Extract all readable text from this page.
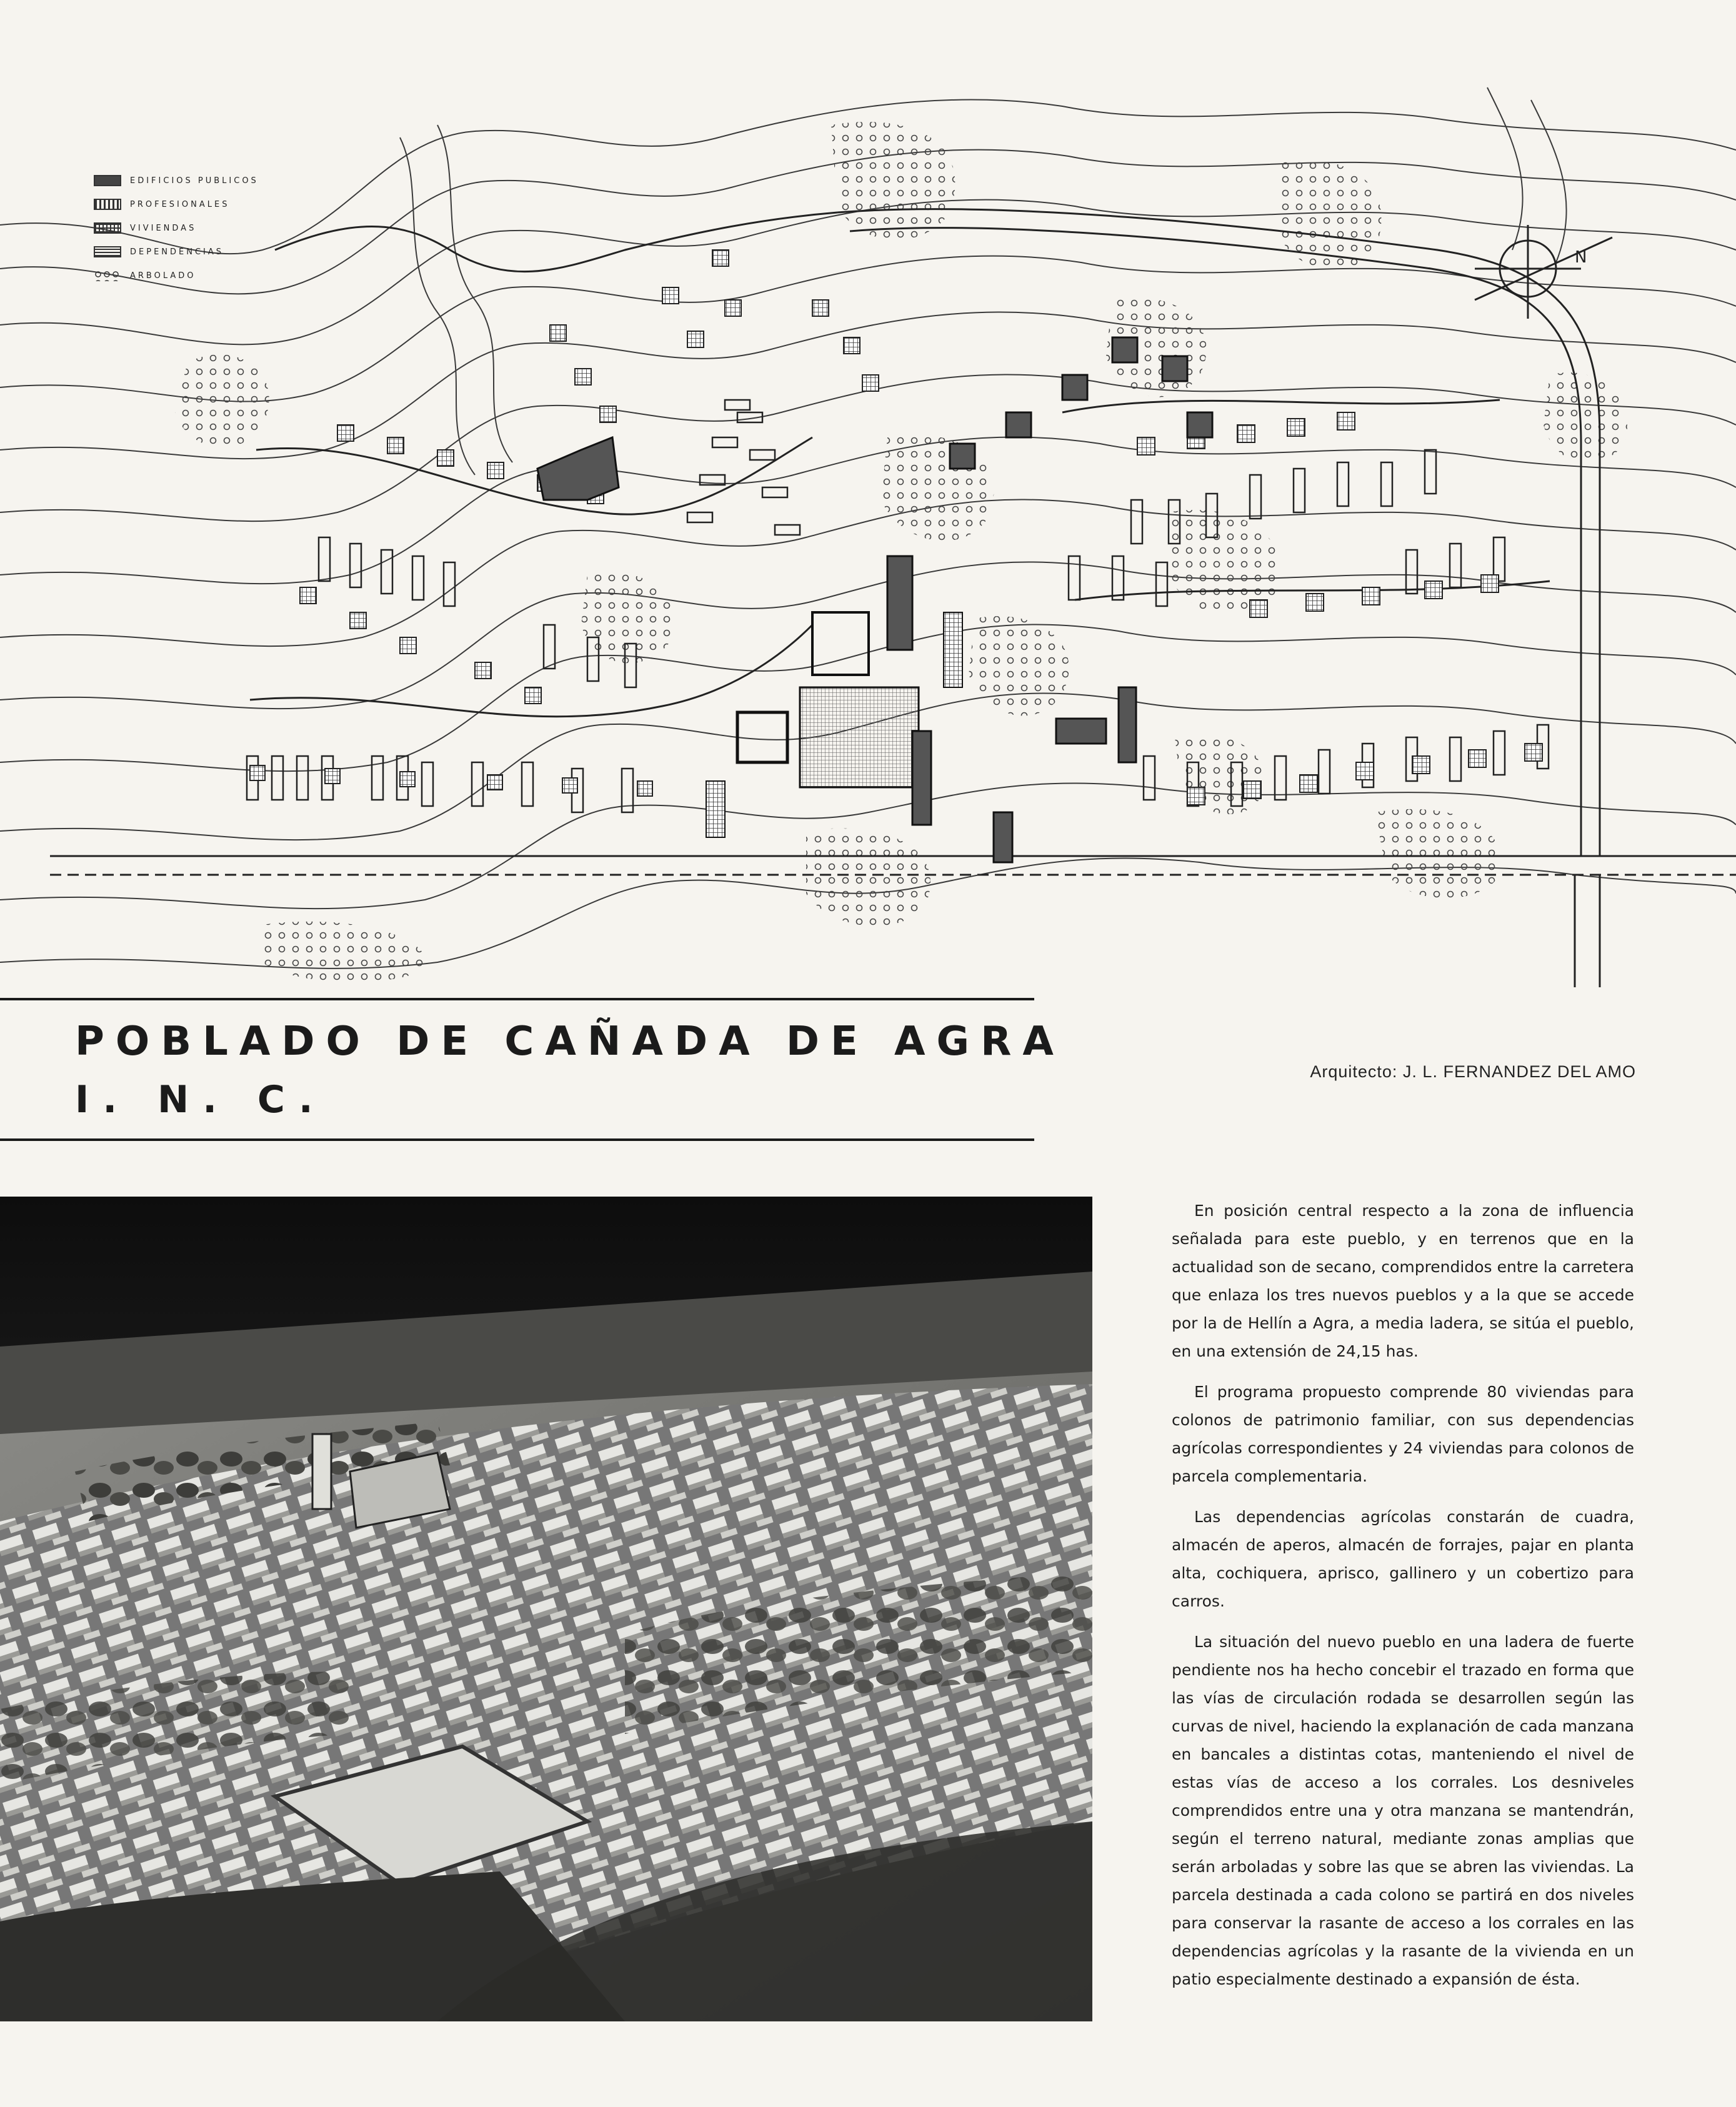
N
EDIFICIOS PUBLICOS
PROFESIONALES
VIVIENDAS
DEPENDENCIAS
ARBOLADO
POBLADO DE CAÑADA DE AGRA
I. N. C.
Arquitecto: J. L. FERNANDEZ DEL AMO

En posición central respecto a la zona de influencia señalada para este pueblo, y en terrenos que en la actualidad son de secano, comprendidos entre la carretera que enlaza los tres nuevos pueblos y a la que se accede por la de Hellín a Agra, a media ladera, se sitúa el pueblo, en una extensión de 24,15 has.

El programa propuesto comprende 80 viviendas para colonos de patrimonio familiar, con sus dependencias agrícolas correspondientes y 24 viviendas para colonos de parcela complementaria.

Las dependencias agrícolas constarán de cuadra, almacén de aperos, almacén de forrajes, pajar en planta alta, cochiquera, aprisco, gallinero y un cobertizo para carros.

La situación del nuevo pueblo en una ladera de fuerte pendiente nos ha hecho concebir el trazado en forma que las vías de circulación rodada se desarrollen según las curvas de nivel, haciendo la explanación de cada manzana en bancales a distintas cotas, manteniendo el nivel de estas vías de acceso a los corrales. Los desniveles comprendidos entre una y otra manzana se mantendrán, según el terreno natural, mediante zonas amplias que serán arboladas y sobre las que se abren las viviendas. La parcela destinada a cada colono se partirá en dos niveles para conservar la rasante de acceso a los corrales en las dependencias agrícolas y la rasante de la vivienda en un patio especialmente destinado a expansión de ésta.
